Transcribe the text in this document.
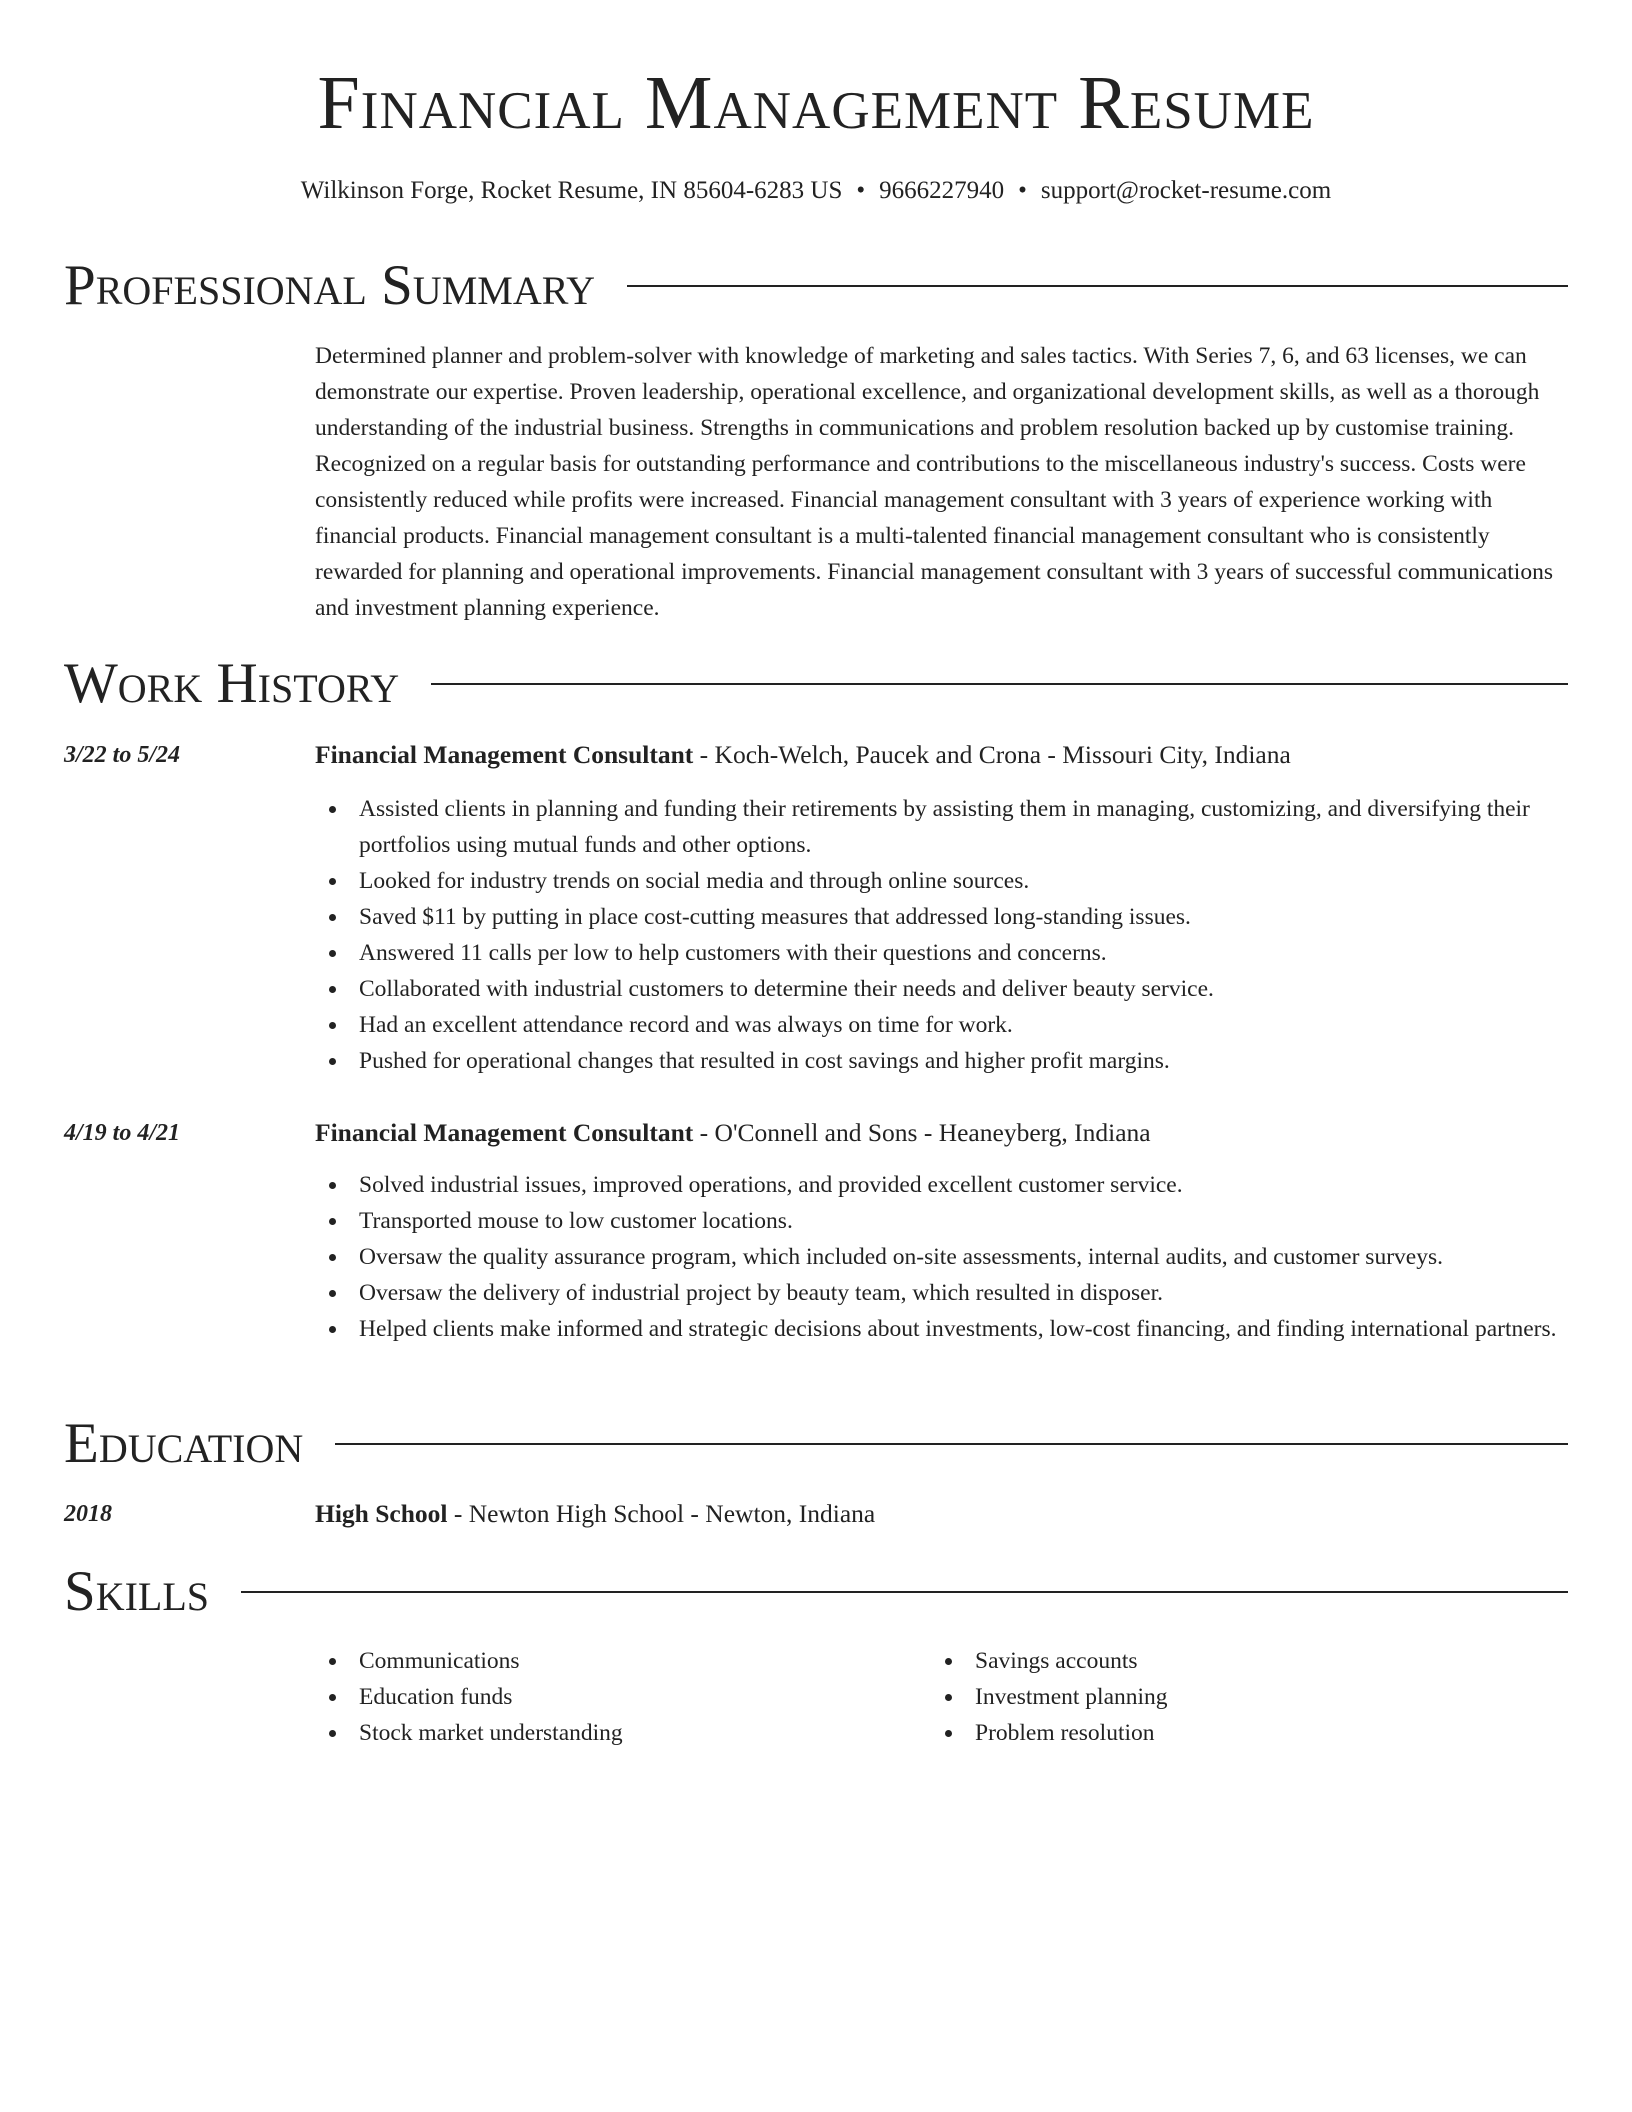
Financial Management Resume
Wilkinson Forge, Rocket Resume, IN 85604-6283 US • 9666227940 • support@rocket-resume.com
Professional Summary

Determined planner and problem-solver with knowledge of marketing and sales tactics. With Series 7, 6, and 63 licenses, we can demonstrate our expertise. Proven leadership, operational excellence, and organizational development skills, as well as a thorough understanding of the industrial business. Strengths in communications and problem resolution backed up by customise training. Recognized on a regular basis for outstanding performance and contributions to the miscellaneous industry's success. Costs were consistently reduced while profits were increased. Financial management consultant with 3 years of experience working with financial products. Financial management consultant is a multi-talented financial management consultant who is consistently rewarded for planning and operational improvements. Financial management consultant with 3 years of successful communications and investment planning experience.

Work History
3/22 to 5/24	Financial Management Consultant - Koch-Welch, Paucek and Crona - Missouri City, Indiana
Assisted clients in planning and funding their retirements by assisting them in managing, customizing, and diversifying their portfolios using mutual funds and other options.
Looked for industry trends on social media and through online sources.
Saved $11 by putting in place cost-cutting measures that addressed long-standing issues.
Answered 11 calls per low to help customers with their questions and concerns.
Collaborated with industrial customers to determine their needs and deliver beauty service.
Had an excellent attendance record and was always on time for work.
Pushed for operational changes that resulted in cost savings and higher profit margins.
4/19 to 4/21	Financial Management Consultant - O'Connell and Sons - Heaneyberg, Indiana
Solved industrial issues, improved operations, and provided excellent customer service.
Transported mouse to low customer locations.
Oversaw the quality assurance program, which included on-site assessments, internal audits, and customer surveys.
Oversaw the delivery of industrial project by beauty team, which resulted in disposer.
Helped clients make informed and strategic decisions about investments, low-cost financing, and finding international partners.
Education
2018	High School - Newton High School - Newton, Indiana
Skills
Communications
Education funds
Stock market understanding
Savings accounts
Investment planning
Problem resolution
